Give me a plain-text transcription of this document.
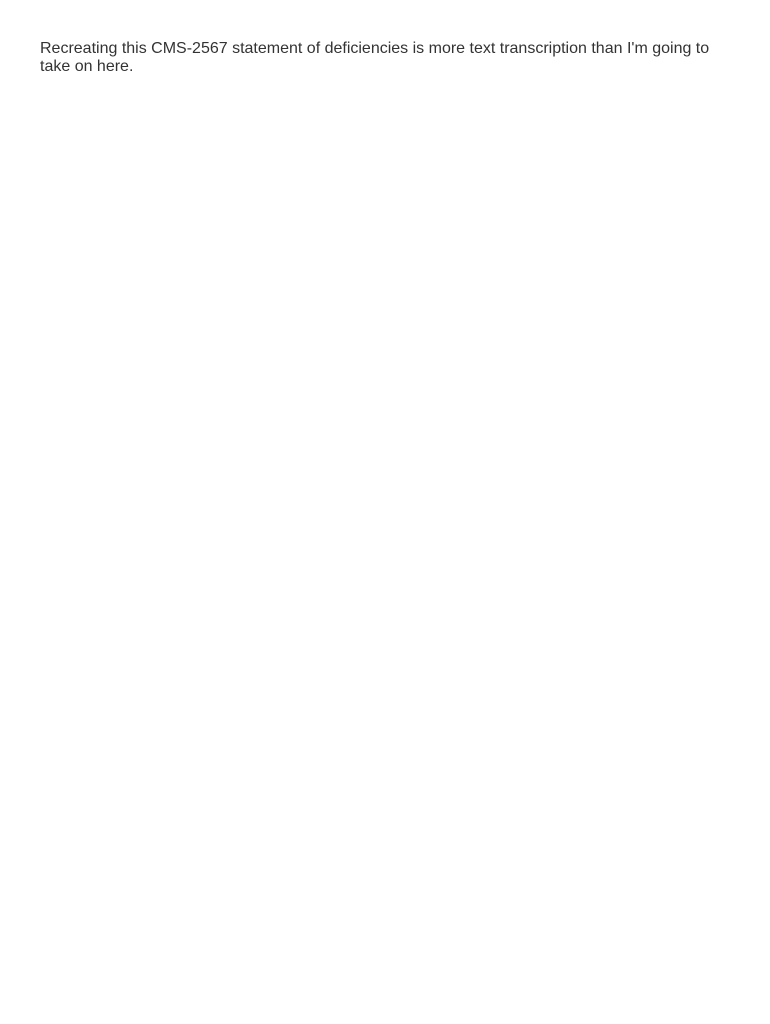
Recreating this CMS-2567 statement of deficiencies is more text transcription than I'm going to take on here.
